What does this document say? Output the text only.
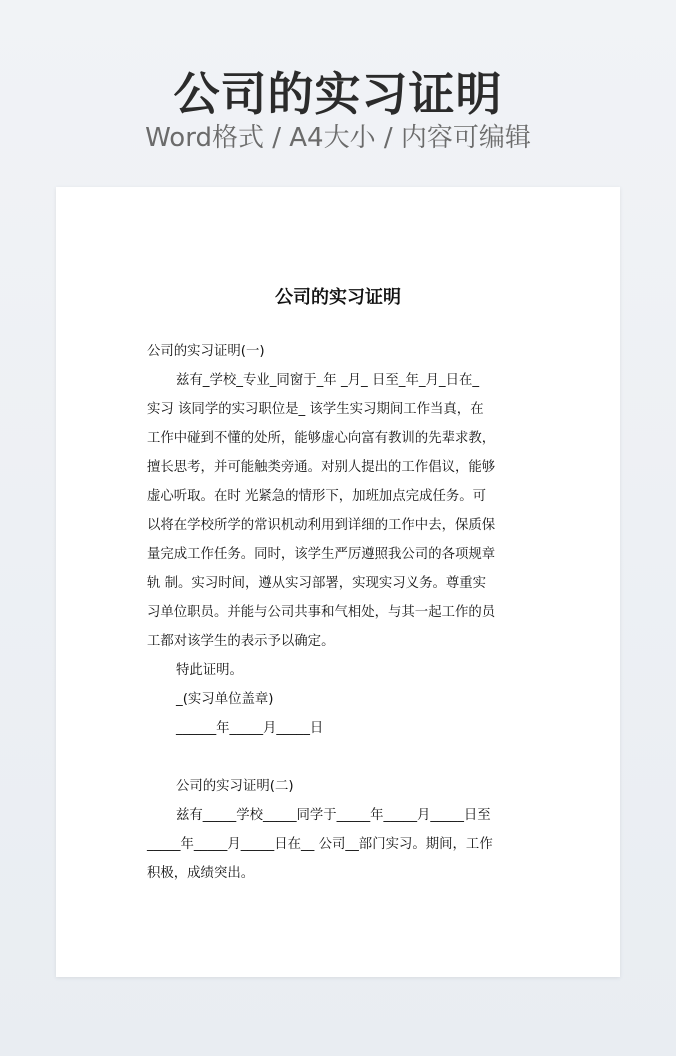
公司的实习证明
Word格式 / A4大小 / 内容可编辑
公司的实习证明
公司的实习证明(一)
兹有_学校_专业_同窗于_年 _月_ 日至_年_月_日在_
实习 该同学的实习职位是_ 该学生实习期间工作当真，在
工作中碰到不懂的处所，能够虚心向富有教训的先辈求教，
擅长思考，并可能触类旁通。对别人提出的工作倡议，能够
虚心听取。在时 光紧急的情形下，加班加点完成任务。可
以将在学校所学的常识机动利用到详细的工作中去，保质保
量完成工作任务。同时，该学生严厉遵照我公司的各项规章
轨 制。实习时间，遵从实习部署，实现实习义务。尊重实
习单位职员。并能与公司共事和气相处，与其一起工作的员
工都对该学生的表示予以确定。
特此证明。
_(实习单位盖章)
______年_____月_____日
公司的实习证明(二)
兹有_____学校_____同学于_____年_____月_____日至
_____年_____月_____日在__ 公司__部门实习。期间，工作
积极，成绩突出。
